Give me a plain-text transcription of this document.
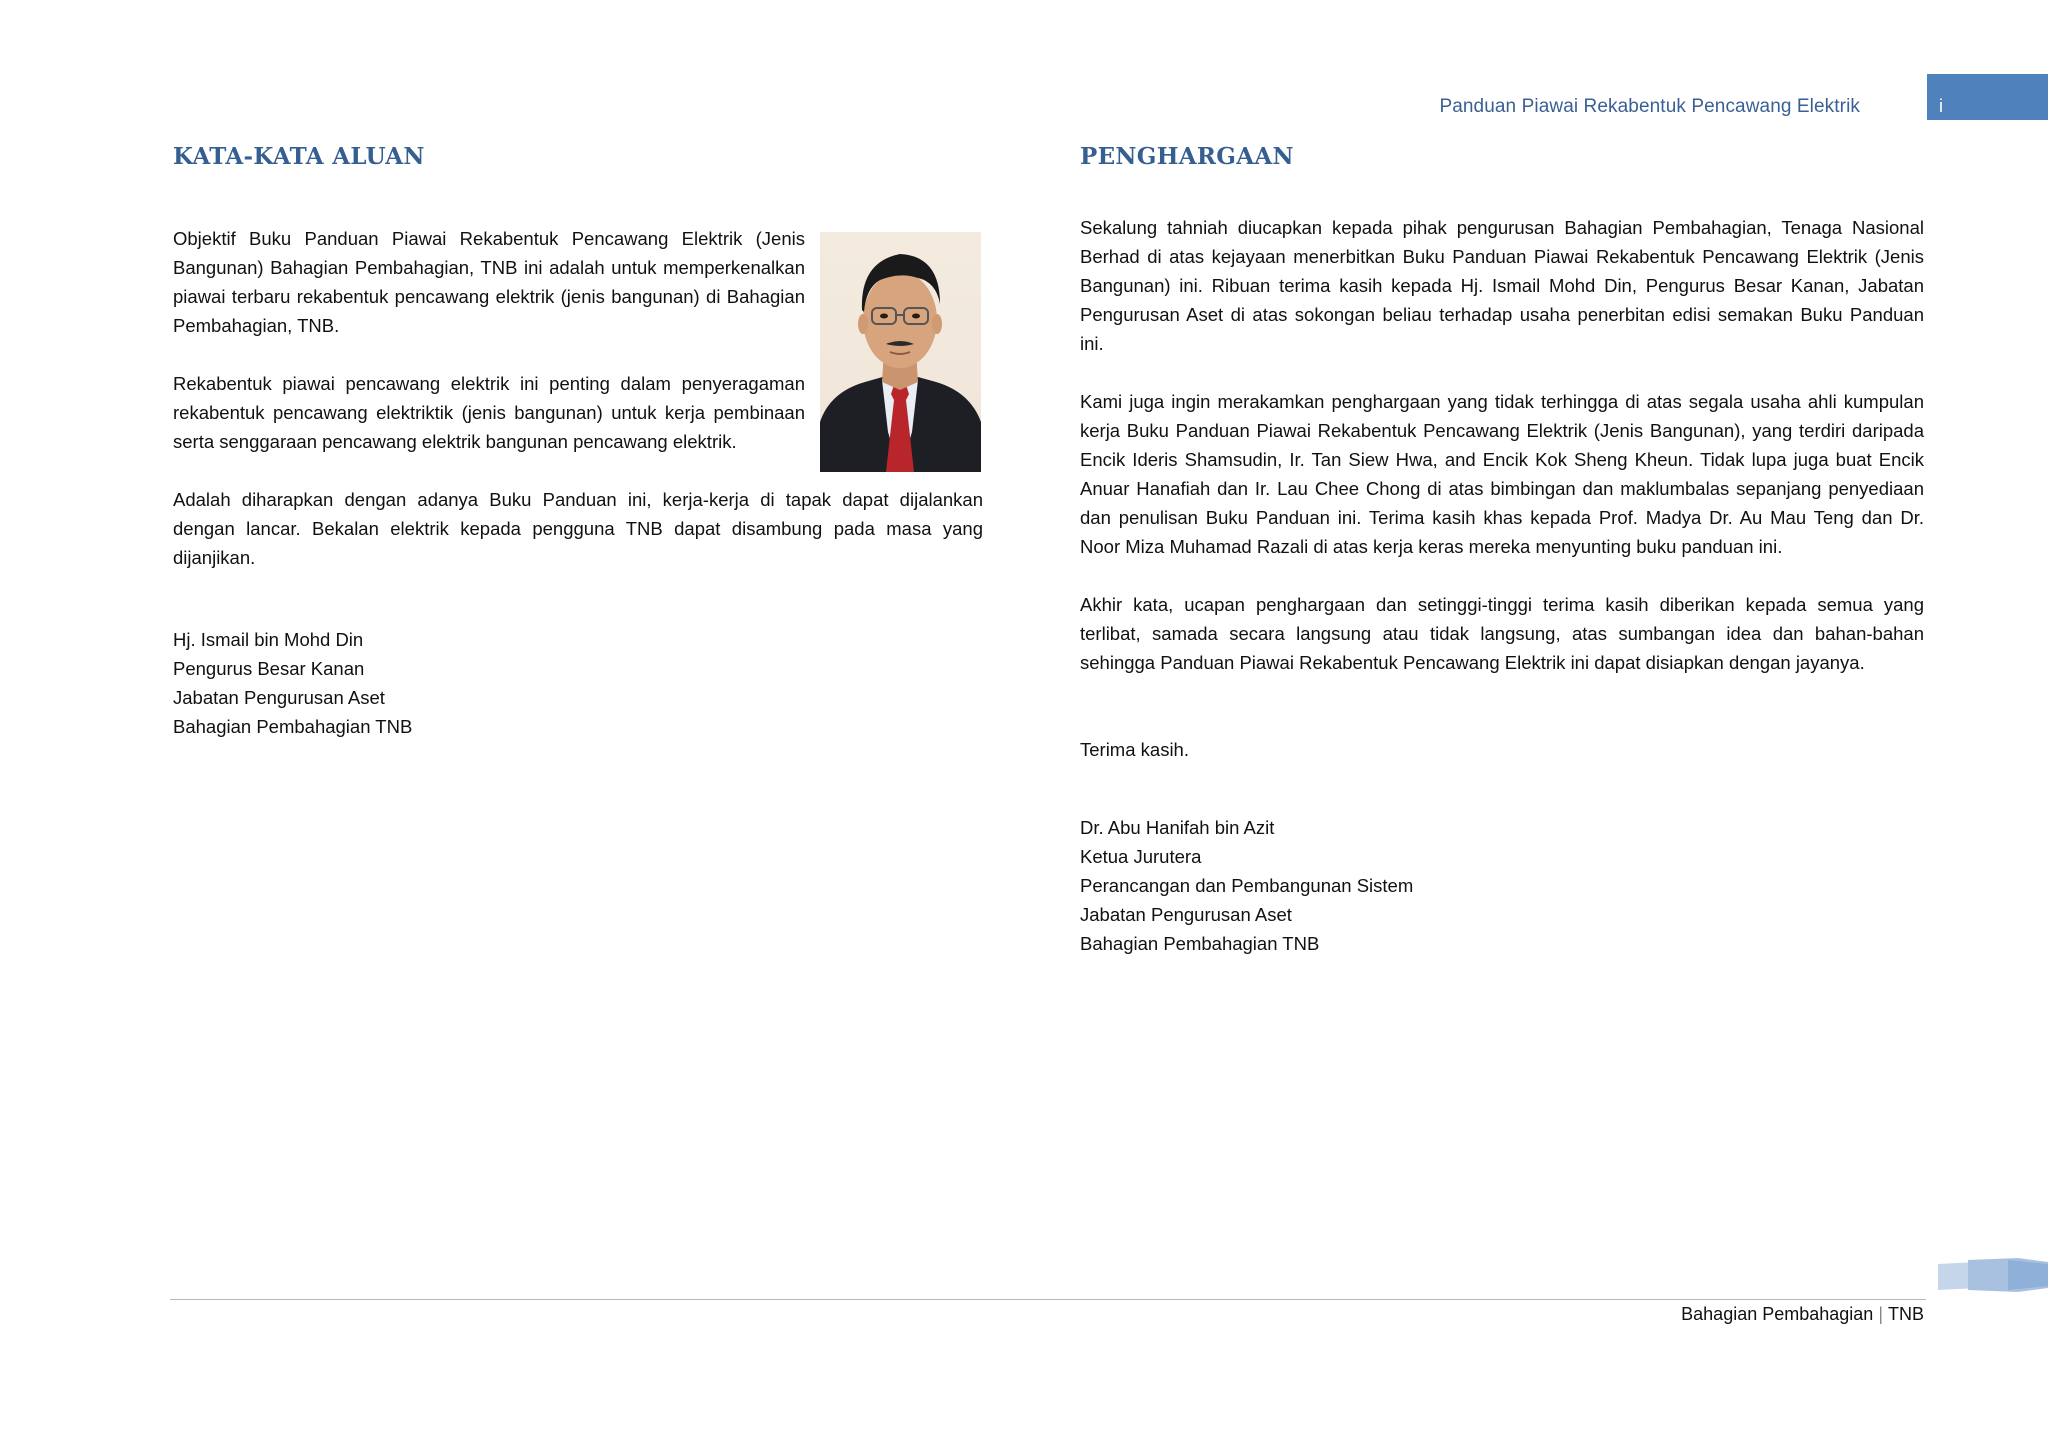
Panduan Piawai Rekabentuk Pencawang Elektrik	i
KATA-KATA ALUAN

Objektif Buku Panduan Piawai Rekabentuk Pencawang Elektrik (Jenis Bangunan) Bahagian Pembahagian, TNB ini adalah untuk memperkenalkan piawai terbaru rekabentuk pencawang elektrik (jenis bangunan) di Bahagian Pembahagian, TNB.

Rekabentuk piawai pencawang elektrik ini penting dalam penyeragaman rekabentuk pencawang elektriktik (jenis bangunan) untuk kerja pembinaan serta senggaraan pencawang elektrik bangunan pencawang elektrik.

Adalah diharapkan dengan adanya Buku Panduan ini, kerja-kerja di tapak dapat dijalankan dengan lancar. Bekalan elektrik kepada pengguna TNB dapat disambung pada masa yang dijanjikan.

Hj. Ismail bin Mohd Din
Pengurus Besar Kanan
Jabatan Pengurusan Aset
Bahagian Pembahagian TNB
PENGHARGAAN

Sekalung tahniah diucapkan kepada pihak pengurusan Bahagian Pembahagian, Tenaga Nasional Berhad di atas kejayaan menerbitkan Buku Panduan Piawai Rekabentuk Pencawang Elektrik (Jenis Bangunan) ini. Ribuan terima kasih kepada Hj. Ismail Mohd Din, Pengurus Besar Kanan, Jabatan Pengurusan Aset di atas sokongan beliau terhadap usaha penerbitan edisi semakan Buku Panduan ini.

Kami juga ingin merakamkan penghargaan yang tidak terhingga di atas segala usaha ahli kumpulan kerja Buku Panduan Piawai Rekabentuk Pencawang Elektrik (Jenis Bangunan), yang terdiri daripada Encik Ideris Shamsudin, Ir. Tan Siew Hwa, and Encik Kok Sheng Kheun. Tidak lupa juga buat Encik Anuar Hanafiah dan Ir. Lau Chee Chong di atas bimbingan dan maklumbalas sepanjang penyediaan dan penulisan Buku Panduan ini. Terima kasih khas kepada Prof. Madya Dr. Au Mau Teng dan Dr. Noor Miza Muhamad Razali di atas kerja keras mereka menyunting buku panduan ini.

Akhir kata, ucapan penghargaan dan setinggi-tinggi terima kasih diberikan kepada semua yang terlibat, samada secara langsung atau tidak langsung, atas sumbangan idea dan bahan-bahan sehingga Panduan Piawai Rekabentuk Pencawang Elektrik ini dapat disiapkan dengan jayanya.

Terima kasih.
Dr. Abu Hanifah bin Azit
Ketua Jurutera
Perancangan dan Pembangunan Sistem
Jabatan Pengurusan Aset
Bahagian Pembahagian TNB
Bahagian Pembahagian | TNB
